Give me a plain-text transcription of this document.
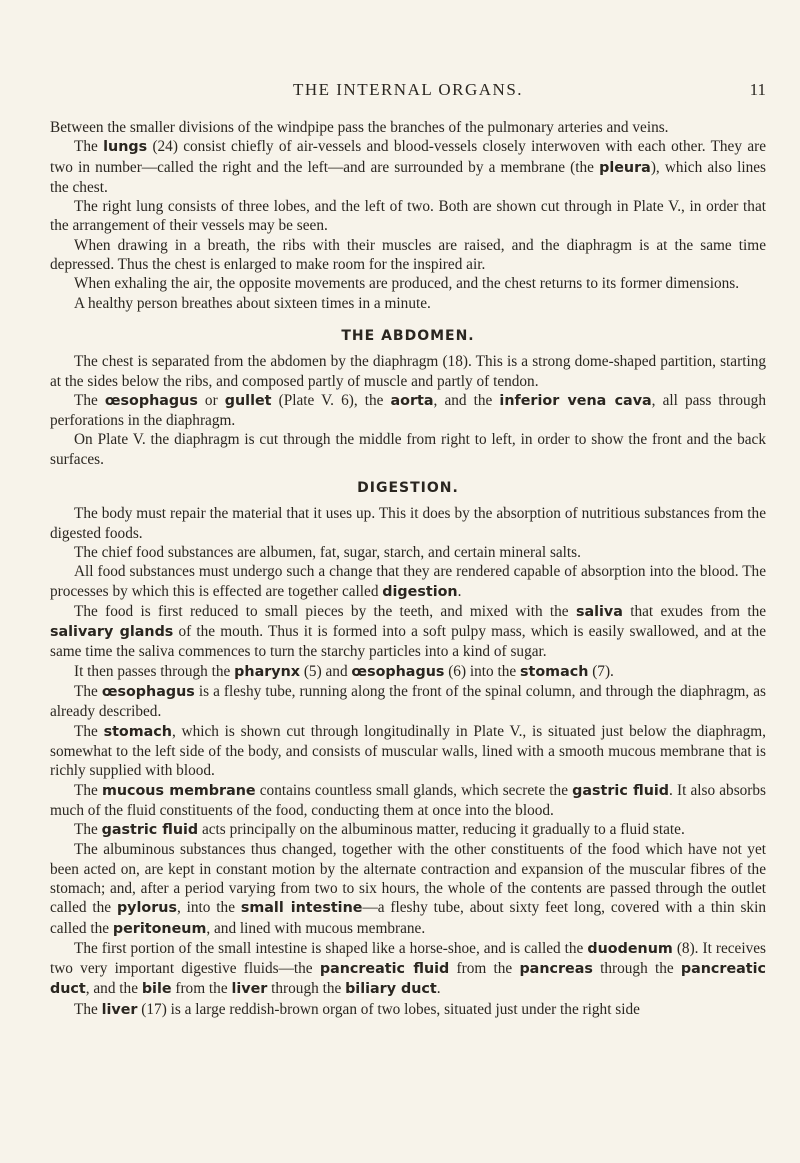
THE INTERNAL ORGANS.	11

Between the smaller divisions of the windpipe pass the branches of the pulmonary arteries and veins.

The lungs (24) consist chiefly of air-vessels and blood-vessels closely interwoven with each other. They are two in number—called the right and the left—and are surrounded by a membrane (the pleura), which also lines the chest.

The right lung consists of three lobes, and the left of two. Both are shown cut through in Plate V., in order that the arrangement of their vessels may be seen.

When drawing in a breath, the ribs with their muscles are raised, and the diaphragm is at the same time depressed. Thus the chest is enlarged to make room for the inspired air.

When exhaling the air, the opposite movements are produced, and the chest returns to its former dimensions.

A healthy person breathes about sixteen times in a minute.

THE ABDOMEN.

The chest is separated from the abdomen by the diaphragm (18). This is a strong dome-shaped partition, starting at the sides below the ribs, and composed partly of muscle and partly of tendon.

The œsophagus or gullet (Plate V. 6), the aorta, and the inferior vena cava, all pass through perforations in the diaphragm.

On Plate V. the diaphragm is cut through the middle from right to left, in order to show the front and the back surfaces.

DIGESTION.

The body must repair the material that it uses up. This it does by the absorption of nutritious substances from the digested foods.

The chief food substances are albumen, fat, sugar, starch, and certain mineral salts.

All food substances must undergo such a change that they are rendered capable of absorption into the blood. The processes by which this is effected are together called digestion.

The food is first reduced to small pieces by the teeth, and mixed with the saliva that exudes from the salivary glands of the mouth. Thus it is formed into a soft pulpy mass, which is easily swallowed, and at the same time the saliva commences to turn the starchy particles into a kind of sugar.

It then passes through the pharynx (5) and œsophagus (6) into the stomach (7).

The œsophagus is a fleshy tube, running along the front of the spinal column, and through the diaphragm, as already described.

The stomach, which is shown cut through longitudinally in Plate V., is situated just below the diaphragm, somewhat to the left side of the body, and consists of muscular walls, lined with a smooth mucous membrane that is richly supplied with blood.

The mucous membrane contains countless small glands, which secrete the gastric fluid. It also absorbs much of the fluid constituents of the food, conducting them at once into the blood.

The gastric fluid acts principally on the albuminous matter, reducing it gradually to a fluid state.

The albuminous substances thus changed, together with the other constituents of the food which have not yet been acted on, are kept in constant motion by the alternate contraction and expansion of the muscular fibres of the stomach; and, after a period varying from two to six hours, the whole of the contents are passed through the outlet called the pylorus, into the small intestine—a fleshy tube, about sixty feet long, covered with a thin skin called the peritoneum, and lined with mucous membrane.

The first portion of the small intestine is shaped like a horse-shoe, and is called the duodenum (8). It receives two very important digestive fluids—the pancreatic fluid from the pancreas through the pancreatic duct, and the bile from the liver through the biliary duct.

The liver (17) is a large reddish-brown organ of two lobes, situated just under the right side
